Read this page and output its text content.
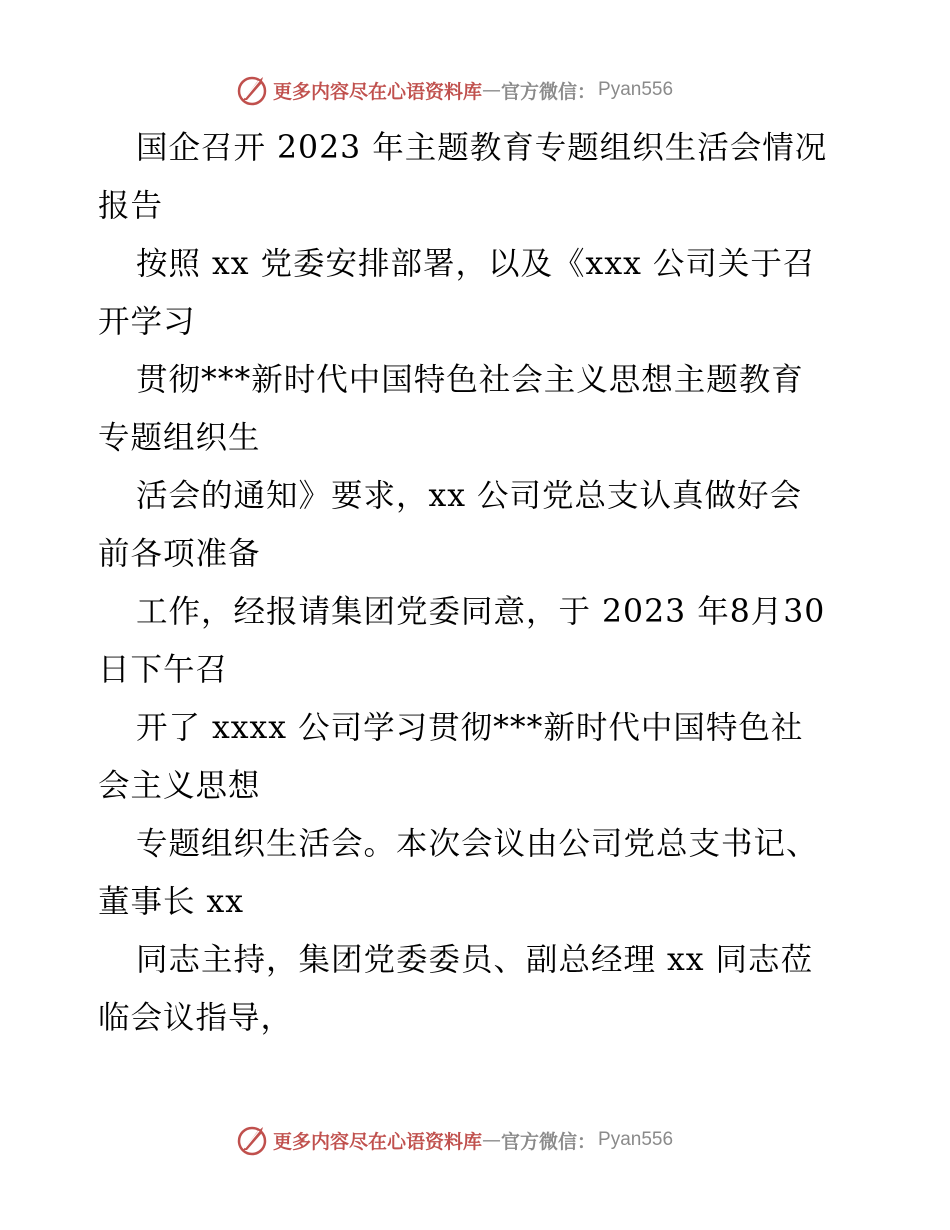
更多内容尽在心语资料库 — 官方微信： Pyan556
国企召开 2023 年主题教育专题组织生活会情况
报告
按照 xx 党委安排部署，以及《xxx 公司关于召
开学习
贯彻***新时代中国特色社会主义思想主题教育
专题组织生
活会的通知》要求，xx 公司党总支认真做好会
前各项准备
工作，经报请集团党委同意，于 2023 年8月30
日下午召
开了 xxxx 公司学习贯彻***新时代中国特色社
会主义思想
专题组织生活会。本次会议由公司党总支书记、
董事长 xx
同志主持，集团党委委员、副总经理 xx 同志莅
临会议指导，
更多内容尽在心语资料库 — 官方微信： Pyan556
